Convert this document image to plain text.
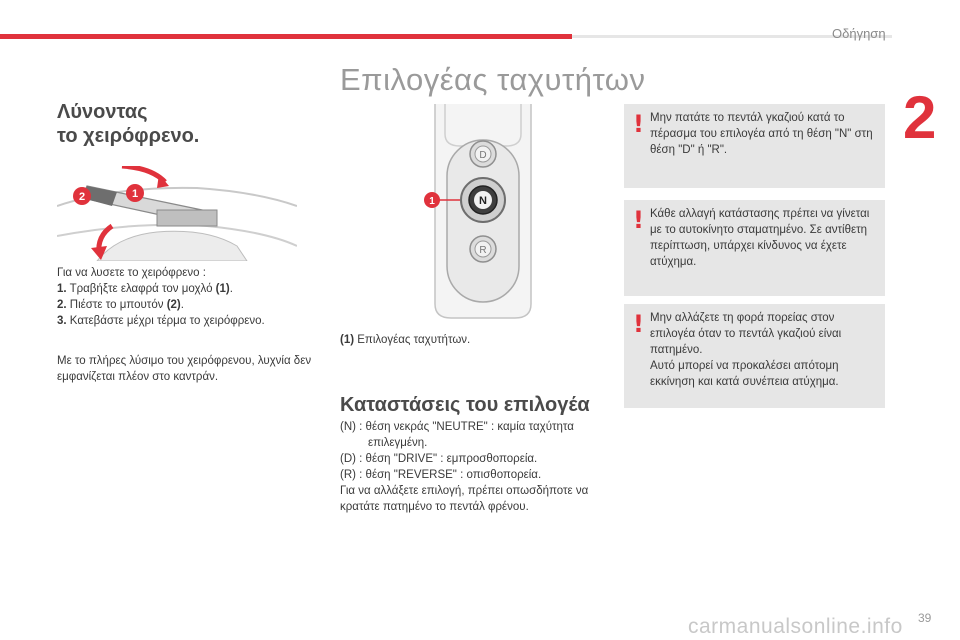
Οδήγηση
2
Επιλογέας ταχυτήτων
Λύνοντας
το χειρόφρενο.
2	1
Για να λυσετε το χειρόφρενο :
1. Τραβήξτε ελαφρά τον μοχλό (1).
2. Πιέστε το μπουτόν (2).
3. Κατεβάστε μέχρι τέρμα το χειρόφρενο.
Με το πλήρες λύσιμο του χειρόφρενου, λυχνία δεν εμφανίζεται πλέον στο καντράν.
D
N
R
1
(1) Επιλογέας ταχυτήτων.
Καταστάσεις του επιλογέα

(N) : θέση νεκράς "NEUTRE" : καμία ταχύτητα

επιλεγμένη.

(D) : θέση "DRIVE" : εμπροσθοπορεία.

(R) : θέση "REVERSE" : οπισθοπορεία.

Για να αλλάξετε επιλογή, πρέπει οπωσδήποτε να κρατάτε πατημένο το πεντάλ φρένου.

! Μην πατάτε το πεντάλ γκαζιού κατά το πέρασμα του επιλογέα από τη θέση "N" στη θέση "D" ή "R".
! Κάθε αλλαγή κατάστασης πρέπει να γίνεται με το αυτοκίνητο σταματημένο. Σε αντίθετη περίπτωση, υπάρχει κίνδυνος να έχετε ατύχημα.
! Μην αλλάζετε τη φορά πορείας στον επιλογέα όταν το πεντάλ γκαζιού είναι πατημένο.
Αυτό μπορεί να προκαλέσει απότομη εκκίνηση και κατά συνέπεια ατύχημα.
carmanualsonline.info 39
